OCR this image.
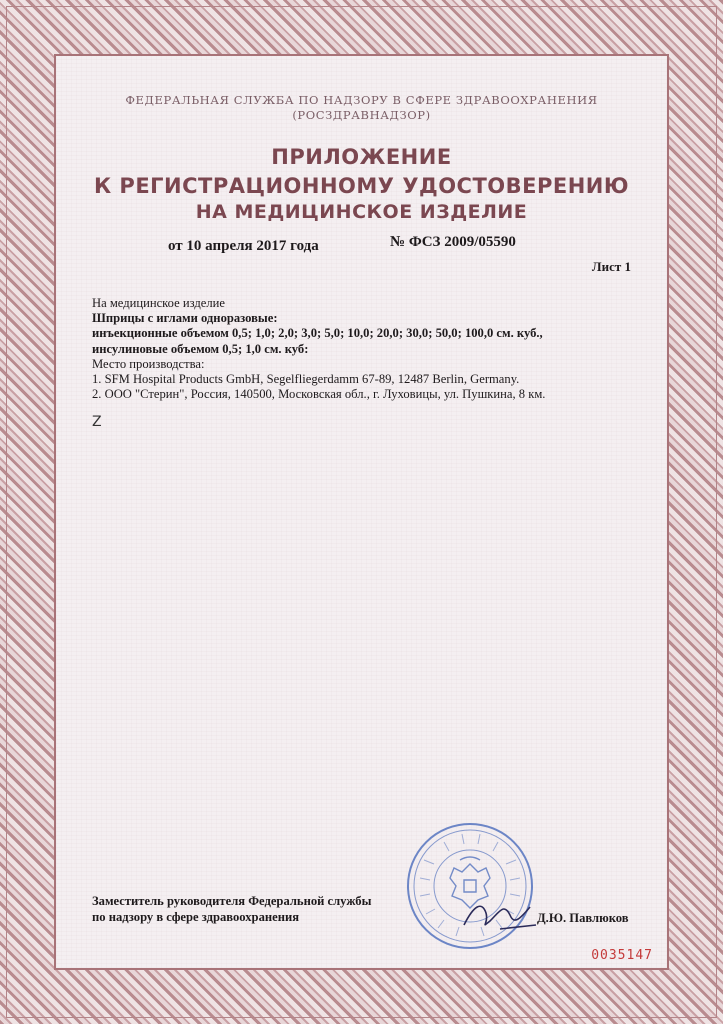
ФЕДЕРАЛЬНАЯ СЛУЖБА ПО НАДЗОРУ В СФЕРЕ ЗДРАВООХРАНЕНИЯ
(РОСЗДРАВНАДЗОР)
ПРИЛОЖЕНИЕ
К РЕГИСТРАЦИОННОМУ УДОСТОВЕРЕНИЮ
НА МЕДИЦИНСКОЕ ИЗДЕЛИЕ
от 10 апреля 2017 года	№ ФСЗ 2009/05590
Лист 1
На медицинское изделие
Шприцы с иглами одноразовые:
инъекционные объемом 0,5; 1,0; 2,0; 3,0; 5,0; 10,0; 20,0; 30,0; 50,0; 100,0 см. куб.,
инсулиновые объемом 0,5; 1,0 см. куб:
Место производства:
1. SFM Hospital Products GmbH, Segelfliegerdamm 67-89, 12487 Berlin, Germany.
2. ООО "Стерин", Россия, 140500, Московская обл., г. Луховицы, ул. Пушкина, 8 км.
Z
Заместитель руководителя Федеральной службы
по надзору в сфере здравоохранения	Д.Ю. Павлюков
0035147
